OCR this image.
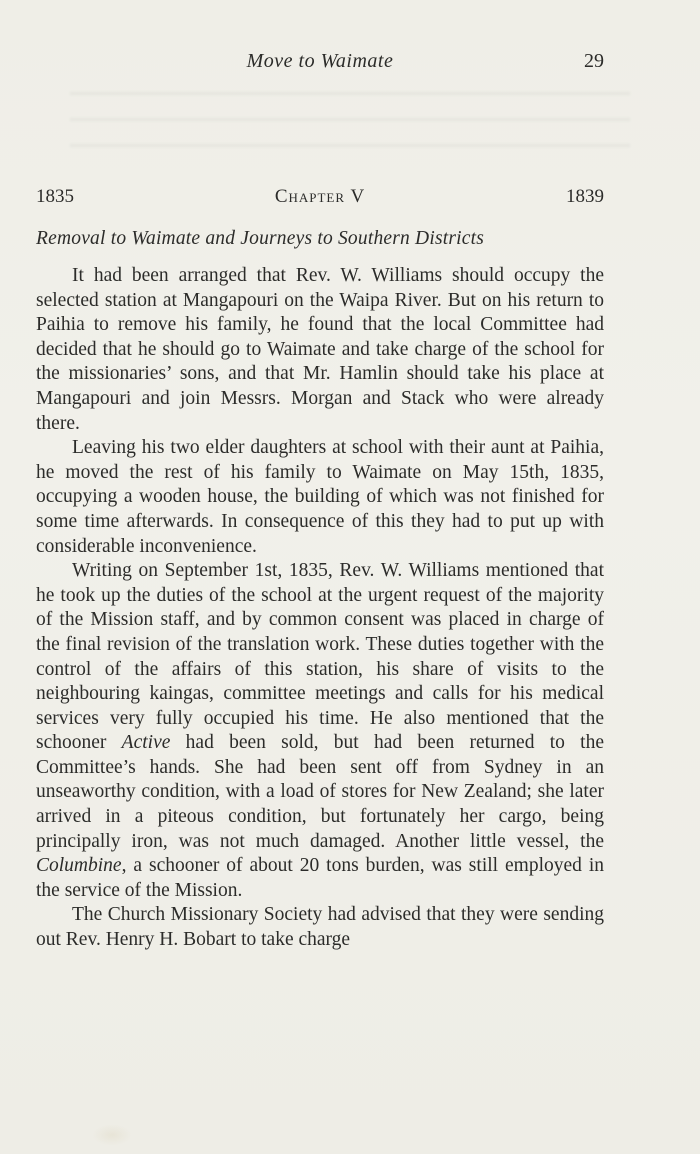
Move to Waimate	29
1835	Chapter V	1839
Removal to Waimate and Journeys to Southern Districts

It had been arranged that Rev. W. Williams should occupy the selected station at Mangapouri on the Waipa River. But on his return to Paihia to remove his family, he found that the local Committee had decided that he should go to Waimate and take charge of the school for the missionaries’ sons, and that Mr. Hamlin should take his place at Mangapouri and join Messrs. Morgan and Stack who were already there.

Leaving his two elder daughters at school with their aunt at Paihia, he moved the rest of his family to Waimate on May 15th, 1835, occupying a wooden house, the building of which was not finished for some time afterwards. In consequence of this they had to put up with considerable inconvenience.

Writing on September 1st, 1835, Rev. W. Williams mentioned that he took up the duties of the school at the urgent request of the majority of the Mission staff, and by common consent was placed in charge of the final revision of the translation work. These duties together with the control of the affairs of this station, his share of visits to the neighbouring kaingas, committee meetings and calls for his medical services very fully occupied his time. He also mentioned that the schooner Active had been sold, but had been returned to the Committee’s hands. She had been sent off from Sydney in an unseaworthy condition, with a load of stores for New Zealand; she later arrived in a piteous condition, but fortunately her cargo, being principally iron, was not much damaged. Another little vessel, the Columbine, a schooner of about 20 tons burden, was still employed in the service of the Mission.

The Church Missionary Society had advised that they were sending out Rev. Henry H. Bobart to take charge
